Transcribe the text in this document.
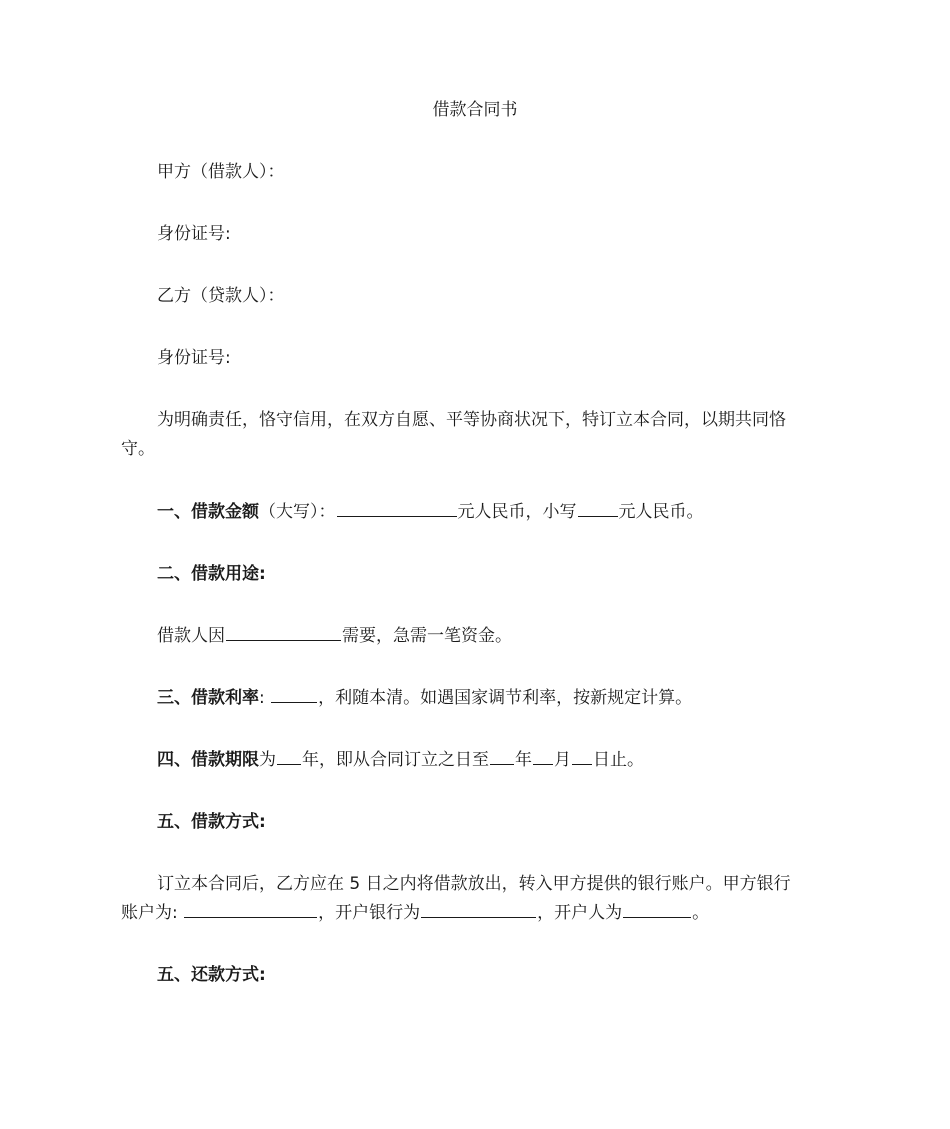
借款合同书
甲方（借款人）：
身份证号:
乙方（贷款人）：
身份证号:
为明确责任，恪守信用，在双方自愿、平等协商状况下，特订立本合同，以期共同恪
守。
一、借款金额（大写）：	元人民币，小写 元人民币。
二、借款用途:
借款人因	需要，急需一笔资金。
三、借款利率:	，利随本清。如遇国家调节利率，按新规定计算。
四、借款期限为 年，即从合同订立之日至 年 月 日止。
五、借款方式:
订立本合同后，乙方应在 5 日之内将借款放出，转入甲方提供的银行账户。甲方银行
账户为:	，开户银行为	，开户人为	。
五、还款方式:
